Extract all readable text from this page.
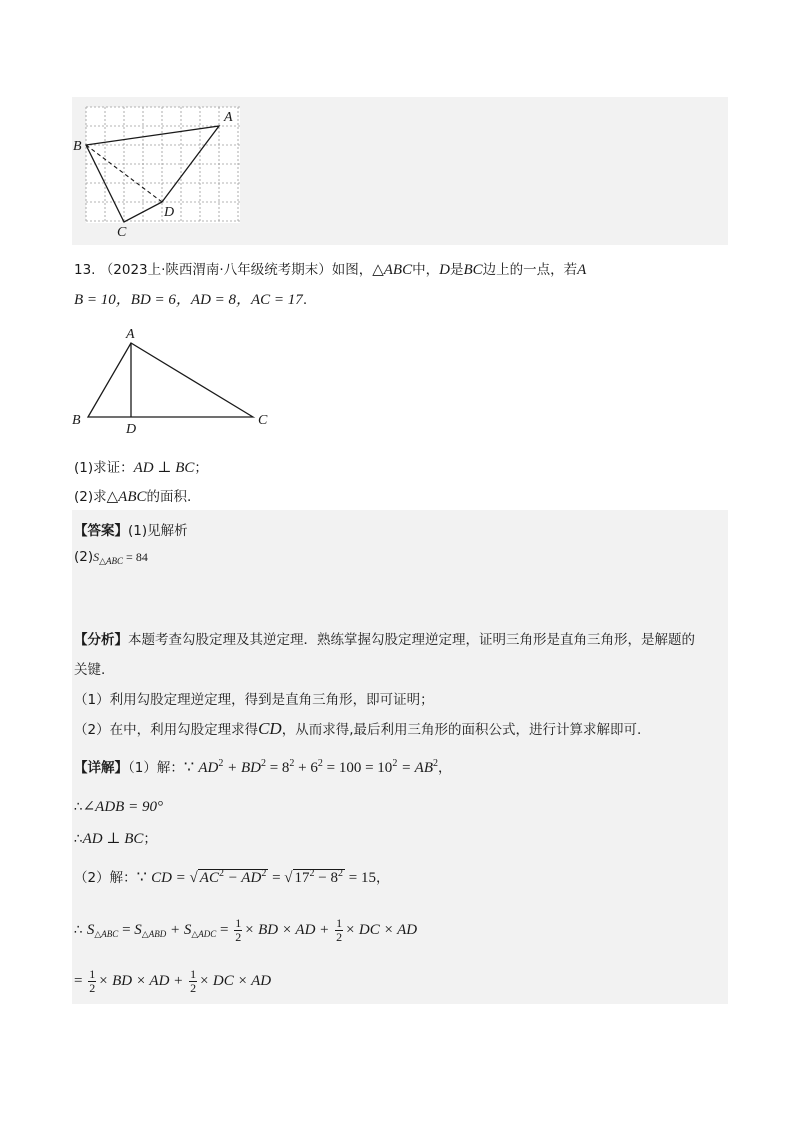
A
B
C
D
13. （2023上·陕西渭南·八年级统考期末）如图，△ABC中，D是BC边上的一点，若A
B = 10，BD = 6，AD = 8，AC = 17.
A
B	C
D
(1)求证：AD ⊥ BC；
(2)求△ABC的面积.
【答案】(1)见解析
$(2)S_{\triangle ABC} = 84$
【分析】本题考查勾股定理及其逆定理．熟练掌握勾股定理逆定理，证明三角形是直角三角形，是解题的
关键.
（1）利用勾股定理逆定理，得到是直角三角形，即可证明；
（2）在中，利用勾股定理求得CD，从而求得,最后利用三角形的面积公式，进行计算求解即可.
【详解】（1）解：∵ $AD^2 + BD^2 = 8^2 + 6^2 = 100 = 10^2 = AB^2$，
∴∠ADB = 90°
∴AD ⊥ BC；
（2）解：∵ CD = √ $AC^2 - AD^2$ = √ $17^2 - 8^2 = 15$，
∴ $S_{\triangle ABC} = S_{\triangle ABD} + S_{\triangle ADC} = \frac{1}{2}$ × BD × AD + $\frac{1}{2}$ × DC × AD
= $\frac{1}{2}$ × BD × AD + $\frac{1}{2}$ × DC × AD
